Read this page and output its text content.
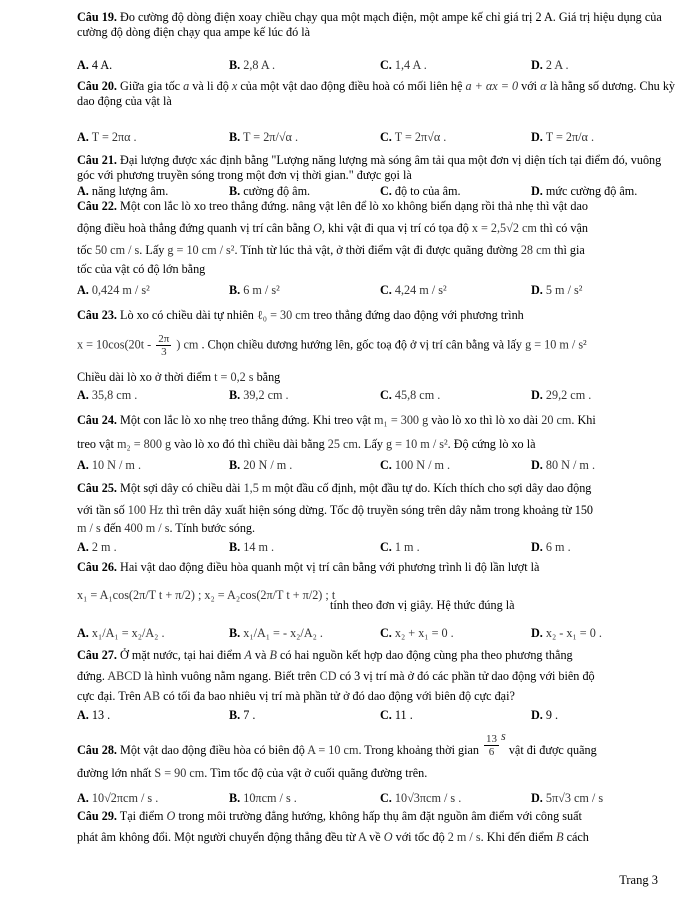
Câu 19. Đo cường độ dòng điện xoay chiều chạy qua một mạch điện, một ampe kế chỉ giá trị 2 A. Giá trị hiệu dụng của cường độ dòng điện chạy qua ampe kế lúc đó là
A. 4 A.	B. 2,8 A .	C. 1,4 A .	D. 2 A .
Câu 20. Giữa gia tốc a và li độ x của một vật dao động điều hoà có mối liên hệ a + αx = 0 với α là hằng số dương. Chu kỳ dao động của vật là
A. T = 2πα .	B. T = 2π/√α .	C. T = 2π√α .	D. T = 2π/α .
Câu 21. Đại lượng được xác định bằng "Lượng năng lượng mà sóng âm tải qua một đơn vị diện tích tại điểm đó, vuông góc với phương truyền sóng trong một đơn vị thời gian." được gọi là
A. năng lượng âm.	B. cường độ âm.	C. độ to của âm.	D. mức cường độ âm.
Câu 22. Một con lắc lò xo treo thẳng đứng. nâng vật lên để lò xo không biến dạng rồi thả nhẹ thì vật dao
động điều hoà thẳng đứng quanh vị trí cân bằng O, khi vật đi qua vị trí có tọa độ x = 2,5√2 cm thì có vận
tốc 50 cm / s. Lấy g = 10 cm / s². Tính từ lúc thả vật, ở thời điểm vật đi được quãng đường 28 cm thì gia
tốc của vật có độ lớn bằng
A. 0,424 m / s²	B. 6 m / s²	C. 4,24 m / s²	D. 5 m / s²
Câu 23. Lò xo có chiều dài tự nhiên ℓ₀ = 30 cm treo thẳng đứng dao động với phương trình
$x = 10\cos(20t - \frac{2\pi}{3}$ ) cm . Chọn chiều dương hướng lên, gốc toạ độ ở vị trí cân bằng và lấy g = 10 m / s²
Chiều dài lò xo ở thời điểm t = 0,2 s bằng
A. 35,8 cm .	B. 39,2 cm .	C. 45,8 cm .	D. 29,2 cm .
Câu 24. Một con lắc lò xo nhẹ treo thẳng đứng. Khi treo vật m₁ = 300 g vào lò xo thì lò xo dài 20 cm. Khi
treo vật m₂ = 800 g vào lò xo đó thì chiều dài bằng 25 cm. Lấy g = 10 m / s². Độ cứng lò xo là
A. 10 N / m .	B. 20 N / m .	C. 100 N / m .	D. 80 N / m .
Câu 25. Một sợi dây có chiều dài 1,5 m một đầu cố định, một đầu tự do. Kích thích cho sợi dây dao động
với tần số 100 Hz thì trên dây xuất hiện sóng dừng. Tốc độ truyền sóng trên dây nằm trong khoảng từ 150
m / s đến 400 m / s. Tính bước sóng.
A. 2 m .	B. 14 m .	C. 1 m .	D. 6 m .
Câu 26. Hai vật dao động điều hòa quanh một vị trí cân bằng với phương trình li độ lần lượt là
x₁ = A₁cos(2π/T t + π/2) ; x₂ = A₂cos(2π/T t + π/2) ; t
tính theo đơn vị giây. Hệ thức đúng là
A. x₁/A₁ = x₂/A₂ .	B. x₁/A₁ = - x₂/A₂ .	C. x₂ + x₁ = 0 .	D. x₂ - x₁ = 0 .
Câu 27. Ở mặt nước, tại hai điểm A và B có hai nguồn kết hợp dao động cùng pha theo phương thẳng
đứng. ABCD là hình vuông nằm ngang. Biết trên CD có 3 vị trí mà ở đó các phần tử dao động với biên độ
cực đại. Trên AB có tối đa bao nhiêu vị trí mà phần tử ở đó dao động với biên độ cực đại?
A. 13 .	B. 7 .	C. 11 .	D. 9 .
Câu 28. Một vật dao động điều hòa có biên độ A = 10 cm. Trong khoảng thời gian $\frac{13}{6}$ s vật đi được quãng
đường lớn nhất S = 90 cm. Tìm tốc độ của vật ở cuối quãng đường trên.
A. 10√2πcm / s .	B. 10πcm / s .	C. 10√3πcm / s .	D. 5π√3 cm / s
Câu 29. Tại điểm O trong môi trường đẳng hướng, không hấp thụ âm đặt nguồn âm điểm với công suất
phát âm không đổi. Một người chuyển động thẳng đều từ A về O với tốc độ 2 m / s. Khi đến điểm B cách
Trang 3
